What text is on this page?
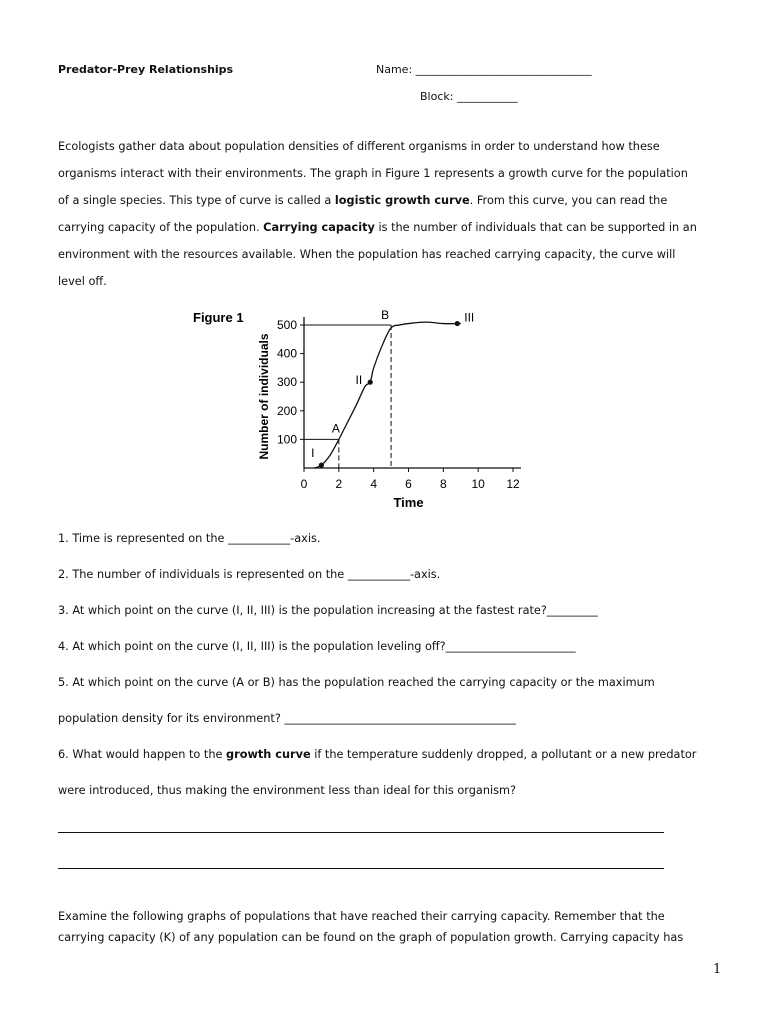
Predator-Prey Relationships	Name: ________________________________
Block: ___________

Ecologists gather data about population densities of different organisms in order to understand how these

organisms interact with their environments. The graph in Figure 1 represents a growth curve for the population

of a single species. This type of curve is called a logistic growth curve. From this curve, you can read the

carrying capacity of the population. Carrying capacity is the number of individuals that can be supported in an

environment with the resources available. When the population has reached carrying capacity, the curve will

level off.

Figure 1
Number of individuals
Time
0 2 4 6 8 10 12
100
200
300
400
500
I
A
II
B	III
1. Time is represented on the ___________-axis.
2. The number of individuals is represented on the ___________-axis.
3. At which point on the curve (I, II, III) is the population increasing at the fastest rate?_________
4. At which point on the curve (I, II, III) is the population leveling off?_______________________
5. At which point on the curve (A or B) has the population reached the carrying capacity or the maximum
population density for its environment? _________________________________________
6. What would happen to the growth curve if the temperature suddenly dropped, a pollutant or a new predator
were introduced, thus making the environment less than ideal for this organism?

Examine the following graphs of populations that have reached their carrying capacity. Remember that the

carrying capacity (K) of any population can be found on the graph of population growth. Carrying capacity has

1
